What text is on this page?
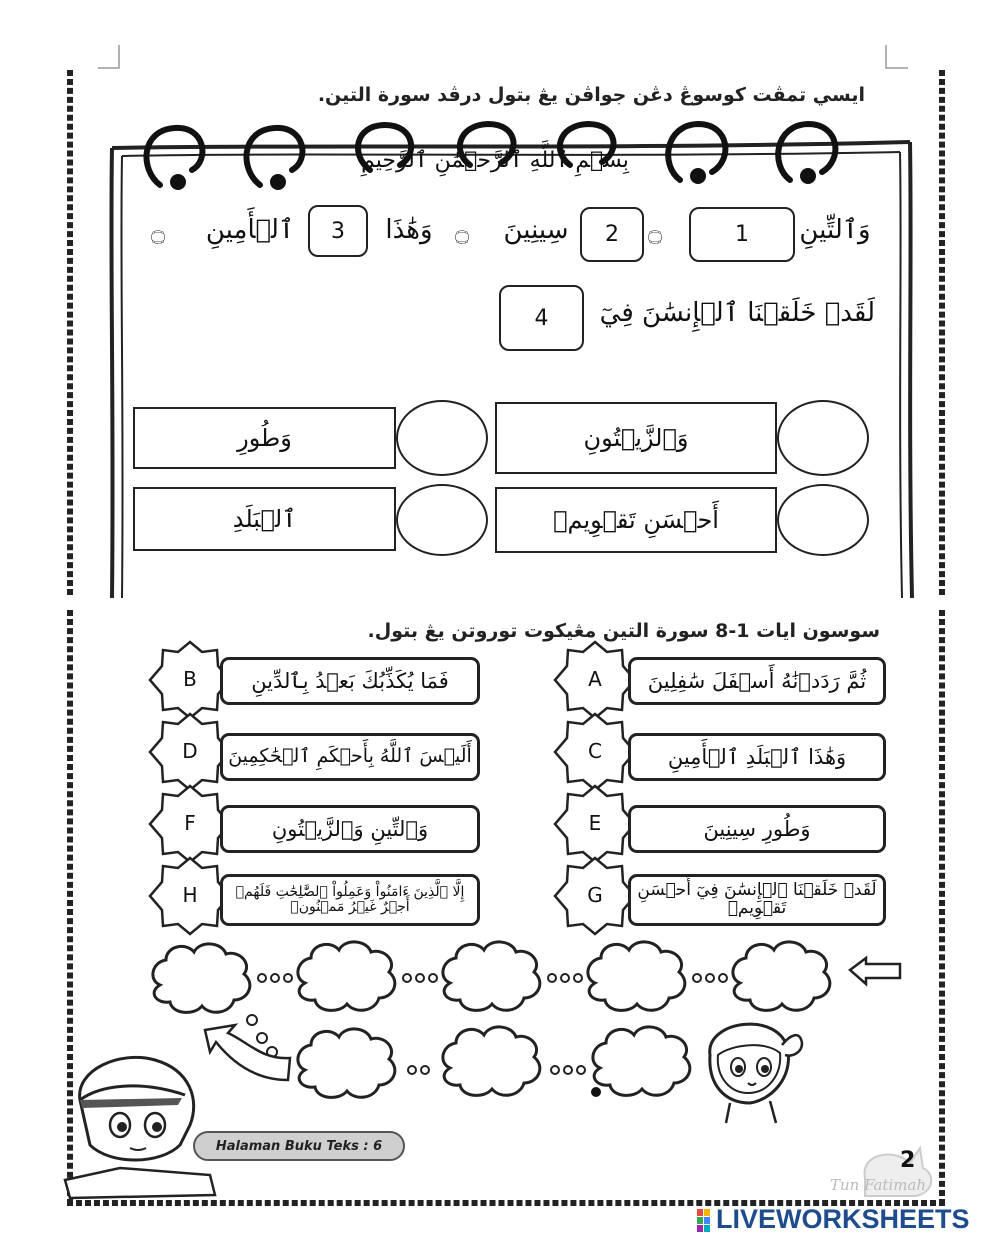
ايسي تمڤت كوسوڠ دڠن جواڤن يڠ بتول درڤد سورة التين.
بِسۡمِ ٱللَّهِ ٱلرَّحۡمَٰنِ ٱلرَّحِيمِ
وَٱلتِّينِ
1
۝
2
سِينِينَ
۝
وَهَٰذَا
3
ٱلۡأَمِينِ
۝
لَقَدۡ خَلَقۡنَا ٱلۡإِنسَٰنَ فِيٓ
4
وَٱلزَّيۡتُونِ
وَطُورِ
أَحۡسَنِ تَقۡوِيمٖ
ٱلۡبَلَدِ
سوسون ايات 1-8 سورة التين مڠيكوت توروتن يڠ بتول.
ثُمَّ رَدَدۡنَٰهُ أَسۡفَلَ سَٰفِلِينَ
A
وَهَٰذَا ٱلۡبَلَدِ ٱلۡأَمِينِ
C
وَطُورِ سِينِينَ
E
لَقَدۡ خَلَقۡنَا ٱلۡإِنسَٰنَ فِيٓ أَحۡسَنِ تَقۡوِيمٖ
G
فَمَا يُكَذِّبُكَ بَعۡدُ بِٱلدِّينِ
B
أَلَيۡسَ ٱللَّهُ بِأَحۡكَمِ ٱلۡحَٰكِمِينَ
D
وَٱلتِّينِ وَٱلزَّيۡتُونِ
F
إِلَّا ٱلَّذِينَ ءَامَنُواْ وَعَمِلُواْ ٱلصَّٰلِحَٰتِ فَلَهُمۡ أَجۡرٌ غَيۡرُ مَمۡنُونٖ
H
Halaman Buku Teks : 6
Tun Fatimah
2
LIVEWORKSHEETS
